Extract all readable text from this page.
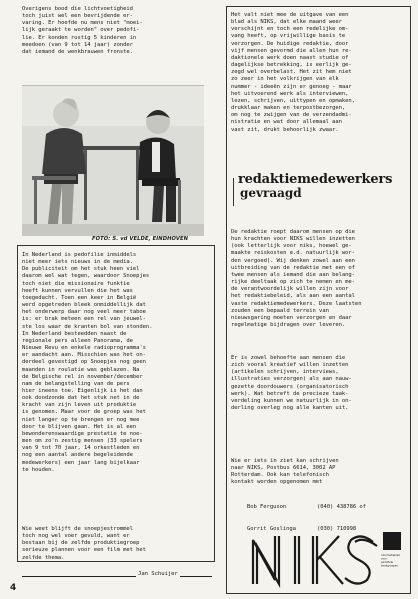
Overigens bood die lichtvoetigheid
toch juist wel een bevrijdende er-
varing. Er hoefde nu mens niet "moei-
lijk geraakt te worden" over pedofi-
lie. Er konden rustig 5 kinderen in
meedoen (van 9 tot 14 jaar) zonder
dat iemand de wenkbrauwen fronste.
FOTO: S. vd VELDE, EINDHOVEN
In Nederland is pedofilie inmiddels
niet meer iets nieuws in de media.
De publiciteit om het stuk heen viel
daarom wel wat tegen, waardoor Snoepjes
toch niet die missionaire funktie
heeft kunnen vervullen die het was
toegedacht. Toen een keer in België
werd opgetreden bleek onmiddellijk dat
het onderwerp daar nog veel meer taboe
is: er brak meteen een rel van jeuwel-
ste los waar de kranten bol van stonden.
In Nederland besteedden naast de
regionale pers alleen Panorama, de
Nieuwe Revu en enkele radioprogramma's
er aandacht aan. Misschien was het on-
derdeel gevestigd op Snoepjes nog geen
maanden in roulatie was geblazen. Na
de Belgische rel in november/december
nam de belangstelling van de pers
hier ineens toe. Eigenlijk is het dan
ook doodzonde dat het stuk net in de
kracht van zijn leven uit produktie
is genomen. Maar voor de groep was het
niet langer op te brengen er nog mee
door te blijven gaan. Het is al een
bewonderenswaardige prestatie te noe-
men om zo'n zestig mensen (33 spelers
van 9 tot 70 jaar, 14 orkestleden en
nog een aantal andere begeleidende
medewerkers) een jaar lang bijelkaar
te houden.
Wie weet blijft de snoepjestrommel
toch nog wel voer gevuld, want er
bestaan bij de zelfde produktiegroep
serieuze plannen voor een film met het
zelfde thema.
Jan Schuijer
4
Het valt niet mee de uitgave van een
blad als NIKS, dat elke maand weer
verschijnt en toch een redelijke om-
vang heeft, op vrijwillige basis te
verzorgen. De huidige redaktie, door
vijf mensen gevormd die allen hun re-
daktionele werk doen naast studie of
dagelijkse betrekking, is eerlijk ge-
zegd wel overbelast. Het zit hem niet
zo zeer in het volkrijgen van elk
nummer - ideeën zijn er genoeg - maar
het uitvoerend werk als interviewen,
lezen, schrijven, uittypen en opmaken,
drukklaar maken en terpostbezorgen,
om nog te zwijgen van de verzendadmi-
nistratie en wat door allemaal aan
vast zit, drukt behoorlijk zwaar.
redaktiemedewerkers
gevraagd
De redaktie roept daarom mensen op die
hun krachten voor NIKS willen inzetten
(ook letterlijk voor niks, hoewel ge-
maakte reiskosten e.d. natuurlijk wor-
den vergoed). Wij denken zowel aan een
uitbreiding van de redaktie met een of
twee mensen als iemand die aan belang-
rijke deeltaak op zich te nemen en me-
de verantwoordelijk willen zijn voor
het redaktiebeleid, als aan een aantal
vaste redaktiemedewerkers. Deze laatsten
zouden een bepaald terrein van
nieuwsgaring moeten verzorgen en daar
regelmatige bijdragen over leveren.
Er is zowel behoefte aan mensen die
zich vooral kreatief willen inzetten
(artikelen schrijven, interviews,
illustraties verzorgen) als aan nauw-
gezette doordouwers (organisatorisch
werk). Wat betreft de precieze taak-
verdeling kunnen we natuurlijk in on-
derling overleg nog alle kanten uit.
Wie er iets in ziet kan schrijven
naar NIKS, Postbus 6614, 3002 AP
Rotterdam. Ook kan telefonisch
kontakt worden opgenomen met

Bob Ferguson	(040) 438786 of

Gorrit Goslinga	(030) 710998

informatieblad
voor
pedofiele
werkgroepen
